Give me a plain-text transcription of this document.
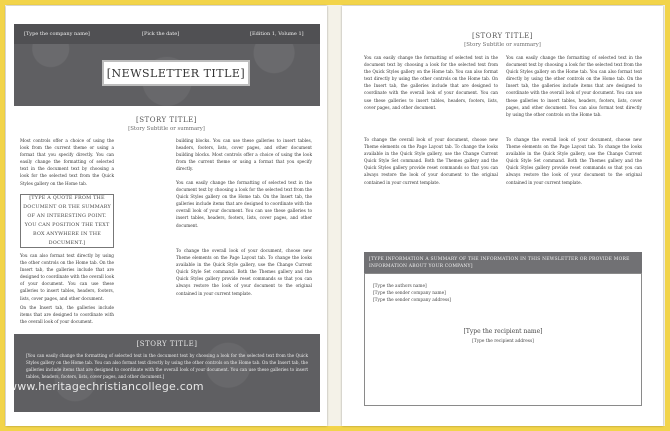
[Type the company name]	[Pick the date]	[Edition 1, Volume 1]
[NEWSLETTER TITLE]
[STORY TITLE]
[Story Subtitle or summary]

Most controls offer a choice of using the look from the current theme or using a format that you specify directly. You can easily change the formatting of selected text in the document text by choosing a look for the selected text from the Quick Styles gallery on the Home tab.

[TYPE A QUOTE FROM THE DOCUMENT OR THE SUMMARY OF AN INTERESTING POINT. YOU CAN POSITION THE TEXT BOX ANYWHERE IN THE DOCUMENT.]

You can also format text directly by using the other controls on the Home tab. On the Insert tab, the galleries include that are designed to coordinate with the overall look of your document. You can use these galleries to insert tables, headers, footers, lists, cover pages, and other document.

On the Insert tab, the galleries include items that are designed to coordinate with the overall look of your document.

building blocks. You can use these galleries to insert tables, headers, footers, lists, cover pages, and other document building blocks. Most controls offer a choice of using the look from the current theme or using a format that you specify directly.

You can easily change the formatting of selected text in the document text by choosing a look for the selected text from the Quick Styles gallery on the Home tab. On the Insert tab, the galleries include items that are designed to coordinate with the overall look of your document. You can use these galleries to insert tables, headers, footers, lists, cover pages, and other document.

To change the overall look of your document, choose new Theme elements on the Page Layout tab. To change the looks available in the Quick Style gallery, use the Change Current Quick Style Set command. Both the Themes gallery and the Quick Styles gallery provide reset commands so that you can always restore the look of your document to the original contained in your current template.

[STORY TITLE]

[You can easily change the formatting of selected text in the document text by choosing a look for the selected text from the Quick Styles gallery on the Home tab. You can also format text directly by using the other controls on the Home tab. On the Insert tab, the galleries include items that are designed to coordinate with the overall look of your document. You can use these galleries to insert tables, headers, footers, lists, cover pages, and other document.]

[STORY TITLE]
[Story Subtitle or summary]

You can easily change the formatting of selected text in the document text by choosing a look for the selected text from the Quick Styles gallery on the Home tab. You can also format text directly by using the other controls on the Home tab. On the Insert tab, the galleries include that are designed to coordinate with the overall look of your document. You can use these galleries to insert tables, headers, footers, lists, cover pages, and other document.

To change the overall look of your document, choose new Theme elements on the Page Layout tab. To change the looks available in the Quick Style gallery, use the Change Current Quick Style Set command. Both the Themes gallery and the Quick Styles gallery provide reset commands so that you can always restore the look of your document to the original contained in your current template.

You can easily change the formatting of selected text in the document text by choosing a look for the selected text from the Quick Styles gallery on the Home tab. You can also format text directly by using the other controls on the Home tab. On the Insert tab, the galleries include items that are designed to coordinate with the overall look of your document. You can use these galleries to insert tables, headers, footers, lists, cover pages, and other document. You can also format text directly by using the other controls on the Home tab.

To change the overall look of your document, choose new Theme elements on the Page Layout tab. To change the looks available in the Quick Style gallery, use the Change Current Quick Style Set command. Both the Themes gallery and the Quick Styles gallery provide reset commands so that you can always restore the look of your document to the original contained in your current template.

[TYPE INFORMATION A SUMMARY OF THE INFORMATION IN THIS NEWSLETTER OR PROVIDE MORE INFORMATION ABOUT YOUR COMPANY]
[Type the authors name]
[Type the sender company name]
[Type the sender company address]
[Type the recipient name]
[Type the recipient address]
www.heritagechristiancollege.com
